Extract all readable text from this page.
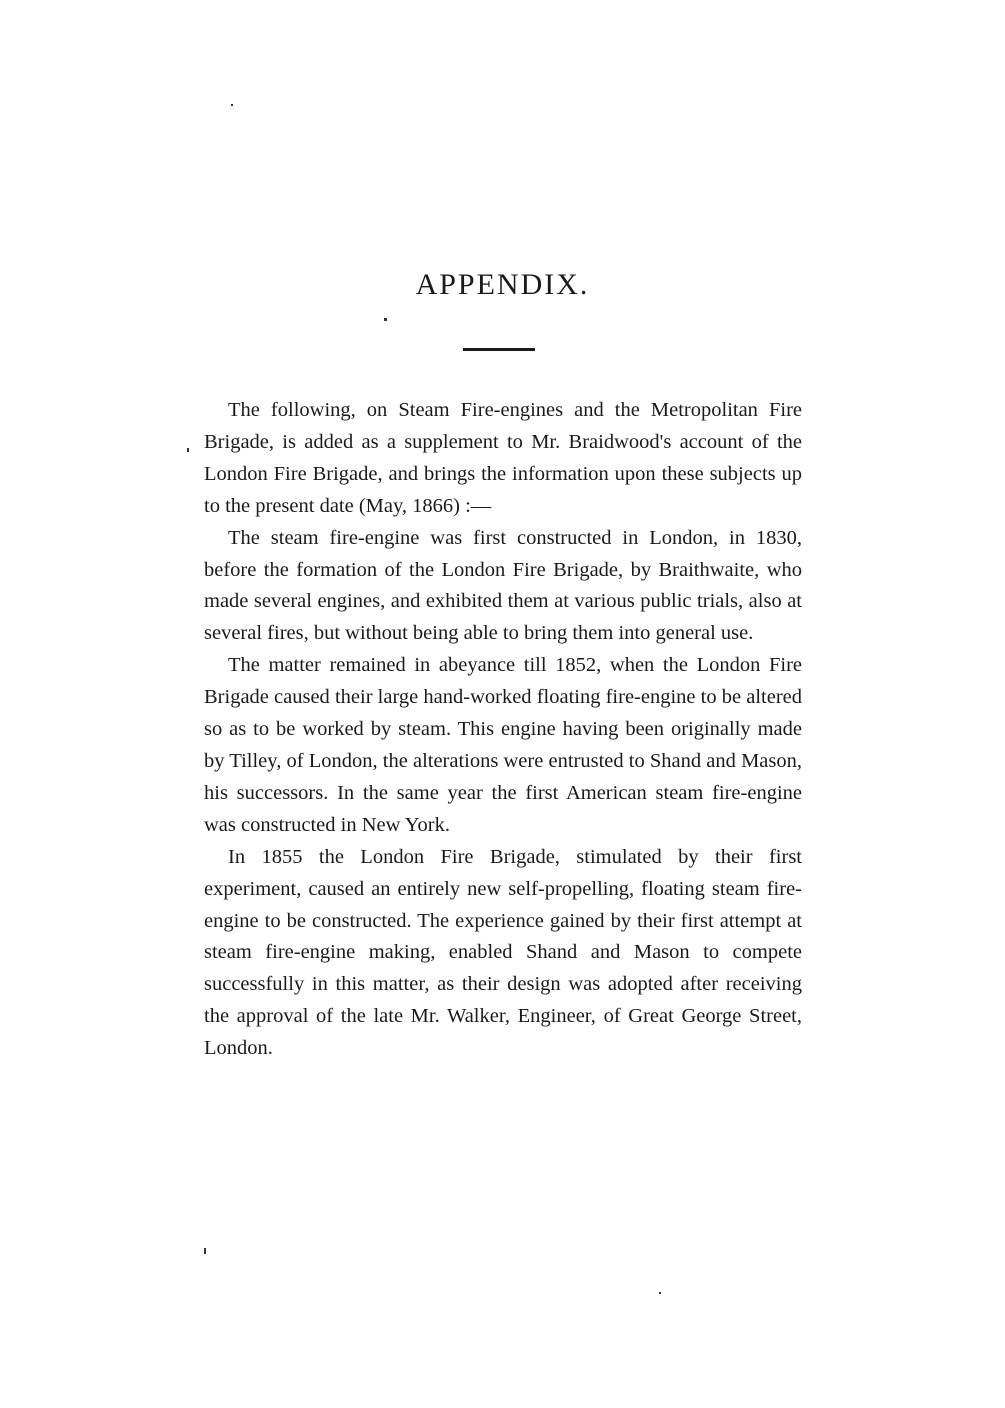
APPENDIX.

The following, on Steam Fire-engines and the Metropolitan Fire Brigade, is added as a supplement to Mr. Braidwood's account of the London Fire Brigade, and brings the information upon these subjects up to the present date (May, 1866) :—

The steam fire-engine was first constructed in London, in 1830, before the formation of the London Fire Brigade, by Braithwaite, who made several engines, and exhibited them at various public trials, also at several fires, but without being able to bring them into general use.

The matter remained in abeyance till 1852, when the London Fire Brigade caused their large hand-worked floating fire-engine to be altered so as to be worked by steam. This engine having been originally made by Tilley, of London, the alterations were entrusted to Shand and Mason, his successors. In the same year the first American steam fire-engine was constructed in New York.

In 1855 the London Fire Brigade, stimulated by their first experiment, caused an entirely new self-propelling, floating steam fire-engine to be constructed. The experience gained by their first attempt at steam fire-engine making, enabled Shand and Mason to compete successfully in this matter, as their design was adopted after receiving the approval of the late Mr. Walker, Engineer, of Great George Street, London.
